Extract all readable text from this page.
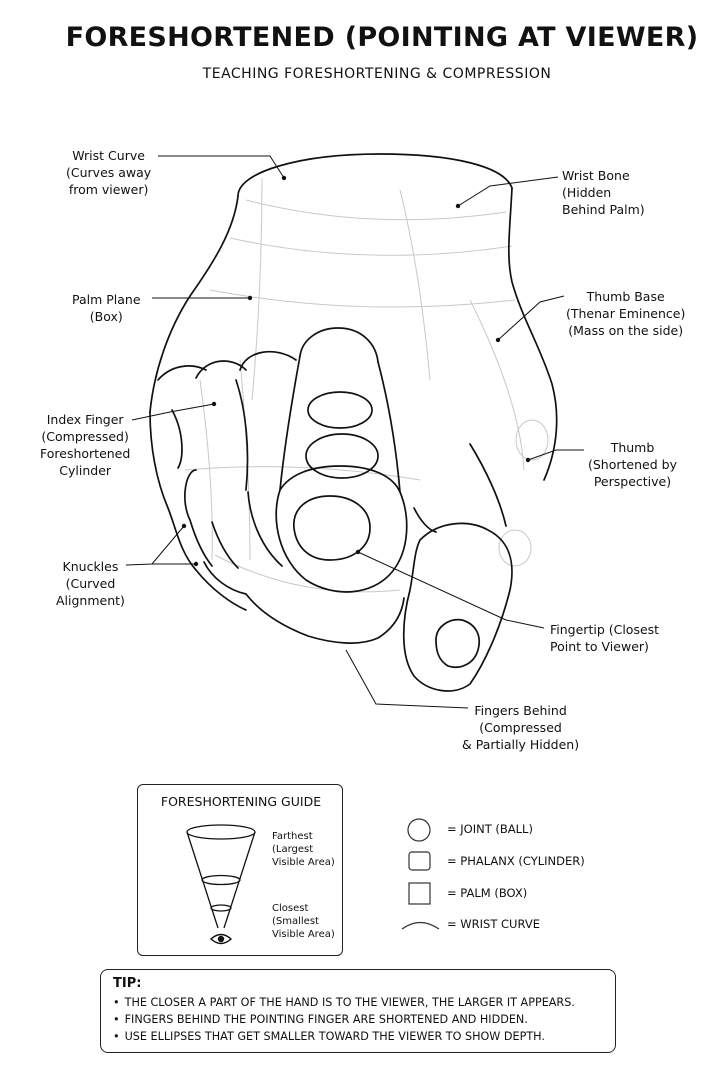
FORESHORTENED (POINTING AT VIEWER)

TEACHING FORESHORTENING & COMPRESSION

Wrist Curve
(Curves away
from viewer)
Wrist Bone
(Hidden
Behind Palm)
Palm Plane
(Box)
Thumb Base
(Thenar Eminence)
(Mass on the side)
Index Finger
(Compressed)
Foreshortened
Cylinder
Thumb
(Shortened by
Perspective)
Knuckles
(Curved
Alignment)
Fingertip (Closest
Point to Viewer)
Fingers Behind
(Compressed
& Partially Hidden)
FORESHORTENING GUIDE
Farthest
(Largest
Visible Area)
Closest
(Smallest
Visible Area)
= JOINT (BALL)
= PHALANX (CYLINDER)
= PALM (BOX)
= WRIST CURVE

TIP:

• THE CLOSER A PART OF THE HAND IS TO THE VIEWER, THE LARGER IT APPEARS.
• FINGERS BEHIND THE POINTING FINGER ARE SHORTENED AND HIDDEN.
• USE ELLIPSES THAT GET SMALLER TOWARD THE VIEWER TO SHOW DEPTH.
